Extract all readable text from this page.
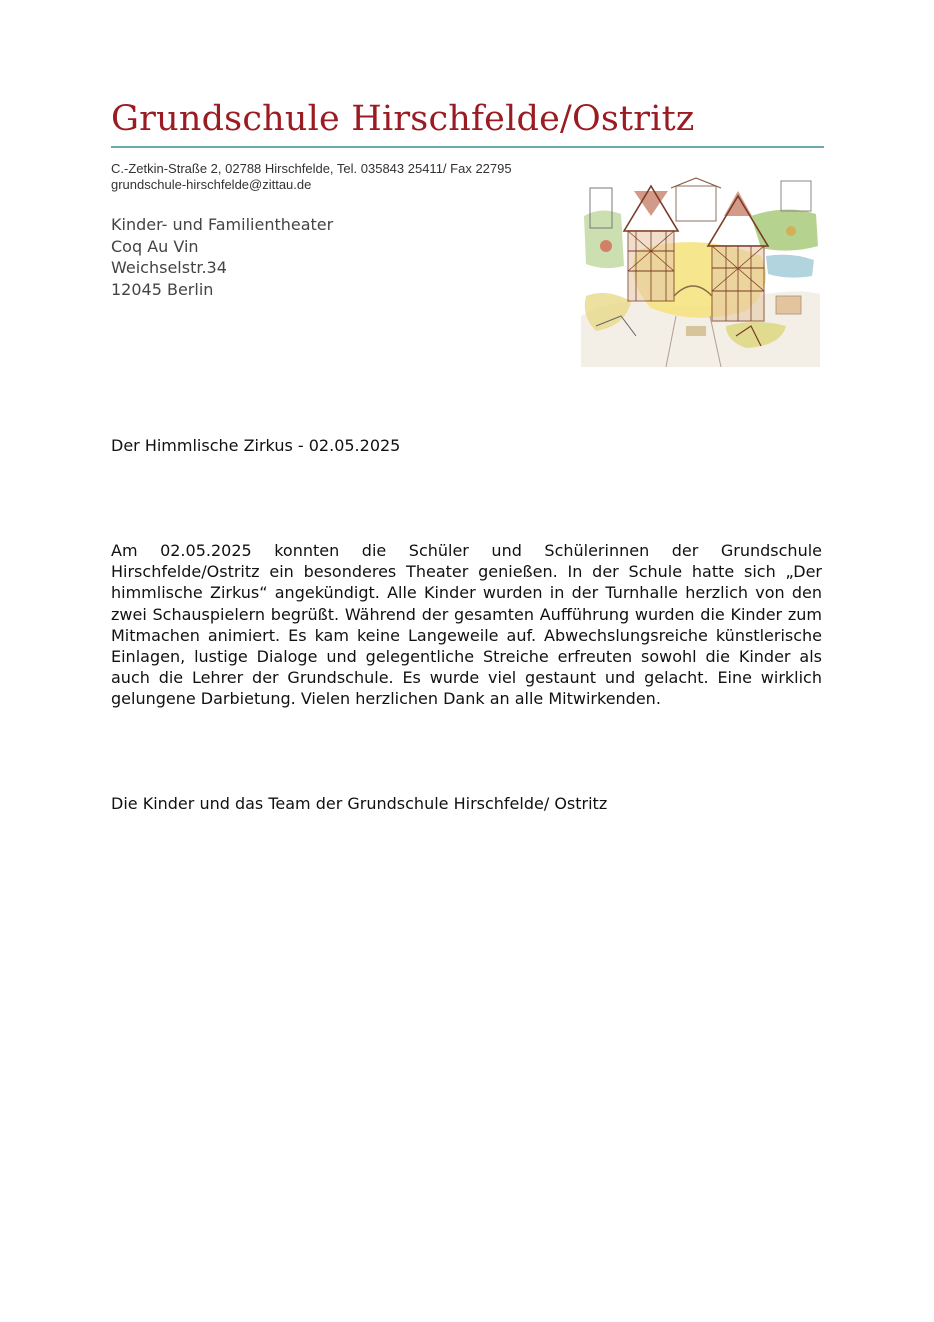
Grundschule Hirschfelde/Ostritz
C.-Zetkin-Straße 2, 02788 Hirschfelde, Tel. 035843 25411/ Fax 22795
grundschule-hirschfelde@zittau.de
Kinder- und Familientheater
Coq Au Vin
Weichselstr.34
12045 Berlin
Der Himmlische Zirkus - 02.05.2025

Am 02.05.2025 konnten die Schüler und Schülerinnen der Grundschule Hirschfelde/Ostritz ein besonderes Theater genießen. In der Schule hatte sich „Der himmlische Zirkus“ angekündigt. Alle Kinder wurden in der Turnhalle herzlich von den zwei Schauspielern begrüßt. Während der gesamten Aufführung wurden die Kinder zum Mitmachen animiert. Es kam keine Langeweile auf. Abwechslungsreiche künstlerische Einlagen, lustige Dialoge und gelegentliche Streiche erfreuten sowohl die Kinder als auch die Lehrer der Grundschule. Es wurde viel gestaunt und gelacht. Eine wirklich gelungene Darbietung. Vielen herzlichen Dank an alle Mitwirkenden.

Die Kinder und das Team der Grundschule Hirschfelde/ Ostritz
